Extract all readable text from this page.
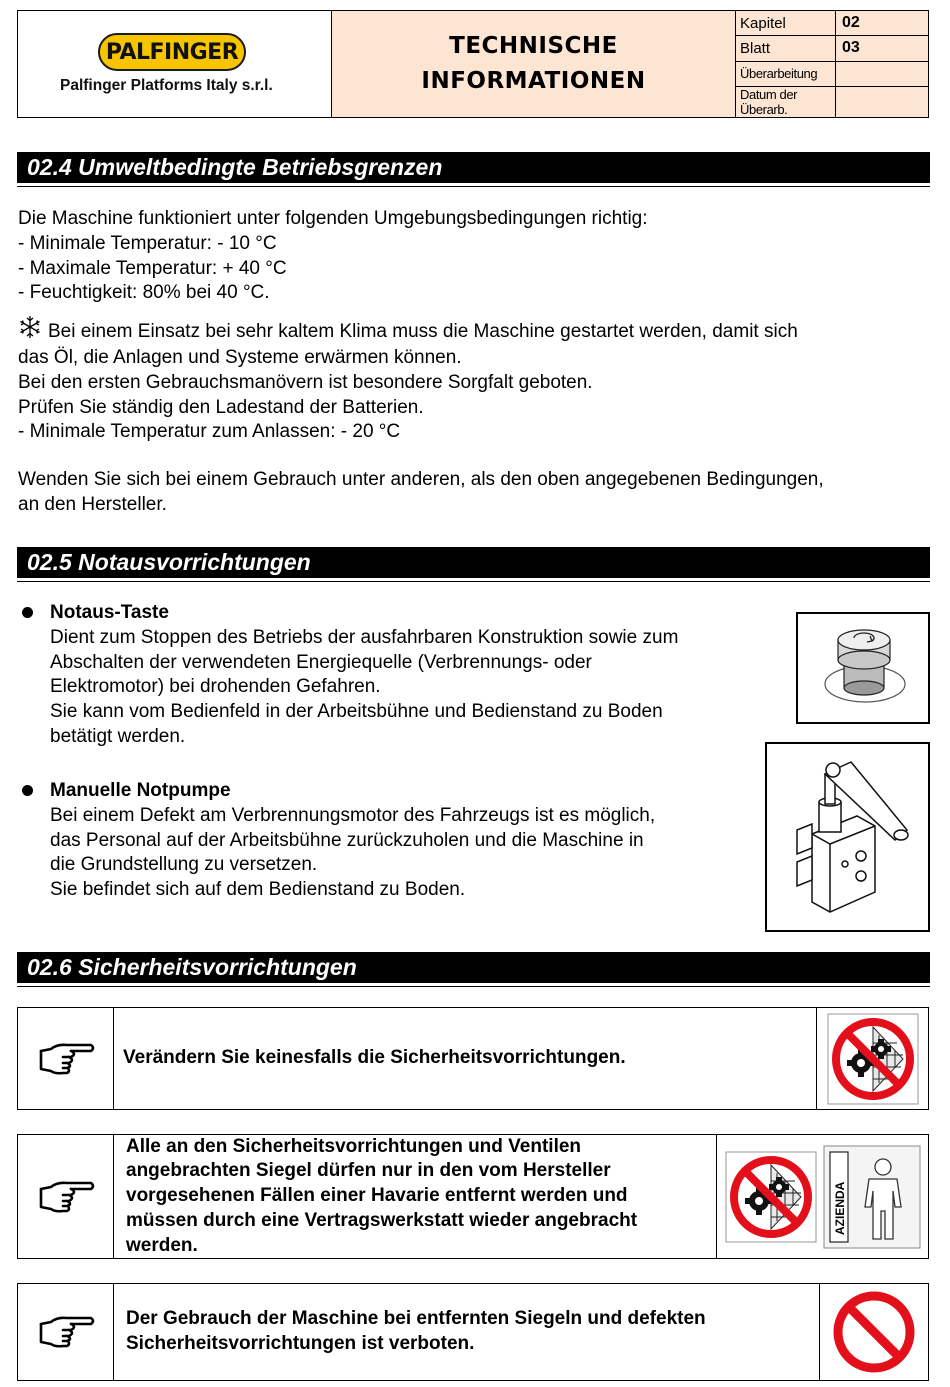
PALFINGER
Palfinger Platforms Italy s.r.l.
TECHNISCHE
INFORMATIONEN
Kapitel	02
Blatt	03
Überarbeitung
Datum der Überarb.
02.4 Umweltbedingte Betriebsgrenzen

Die Maschine funktioniert unter folgenden Umgebungsbedingungen richtig:

- Minimale Temperatur: - 10 °C

- Maximale Temperatur: + 40 °C

- Feuchtigkeit: 80% bei 40 °C.

Bei einem Einsatz bei sehr kaltem Klima muss die Maschine gestartet werden, damit sich

das Öl, die Anlagen und Systeme erwärmen können.

Bei den ersten Gebrauchsmanövern ist besondere Sorgfalt geboten.

Prüfen Sie ständig den Ladestand der Batterien.

- Minimale Temperatur zum Anlassen: - 20 °C

Wenden Sie sich bei einem Gebrauch unter anderen, als den oben angegebenen Bedingungen,

an den Hersteller.

02.5 Notausvorrichtungen

Notaus-Taste

Dient zum Stoppen des Betriebs der ausfahrbaren Konstruktion sowie zum

Abschalten der verwendeten Energiequelle (Verbrennungs- oder

Elektromotor) bei drohenden Gefahren.

Sie kann vom Bedienfeld in der Arbeitsbühne und Bedienstand zu Boden

betätigt werden.

Manuelle Notpumpe

Bei einem Defekt am Verbrennungsmotor des Fahrzeugs ist es möglich,

das Personal auf der Arbeitsbühne zurückzuholen und die Maschine in

die Grundstellung zu versetzen.

Sie befindet sich auf dem Bedienstand zu Boden.

02.6 Sicherheitsvorrichtungen

Verändern Sie keinesfalls die Sicherheitsvorrichtungen.

Alle an den Sicherheitsvorrichtungen und Ventilen

angebrachten Siegel dürfen nur in den vom Hersteller

vorgesehenen Fällen einer Havarie entfernt werden und

müssen durch eine Vertragswerkstatt wieder angebracht

werden.

AZIENDA

Der Gebrauch der Maschine bei entfernten Siegeln und defekten

Sicherheitsvorrichtungen ist verboten.
